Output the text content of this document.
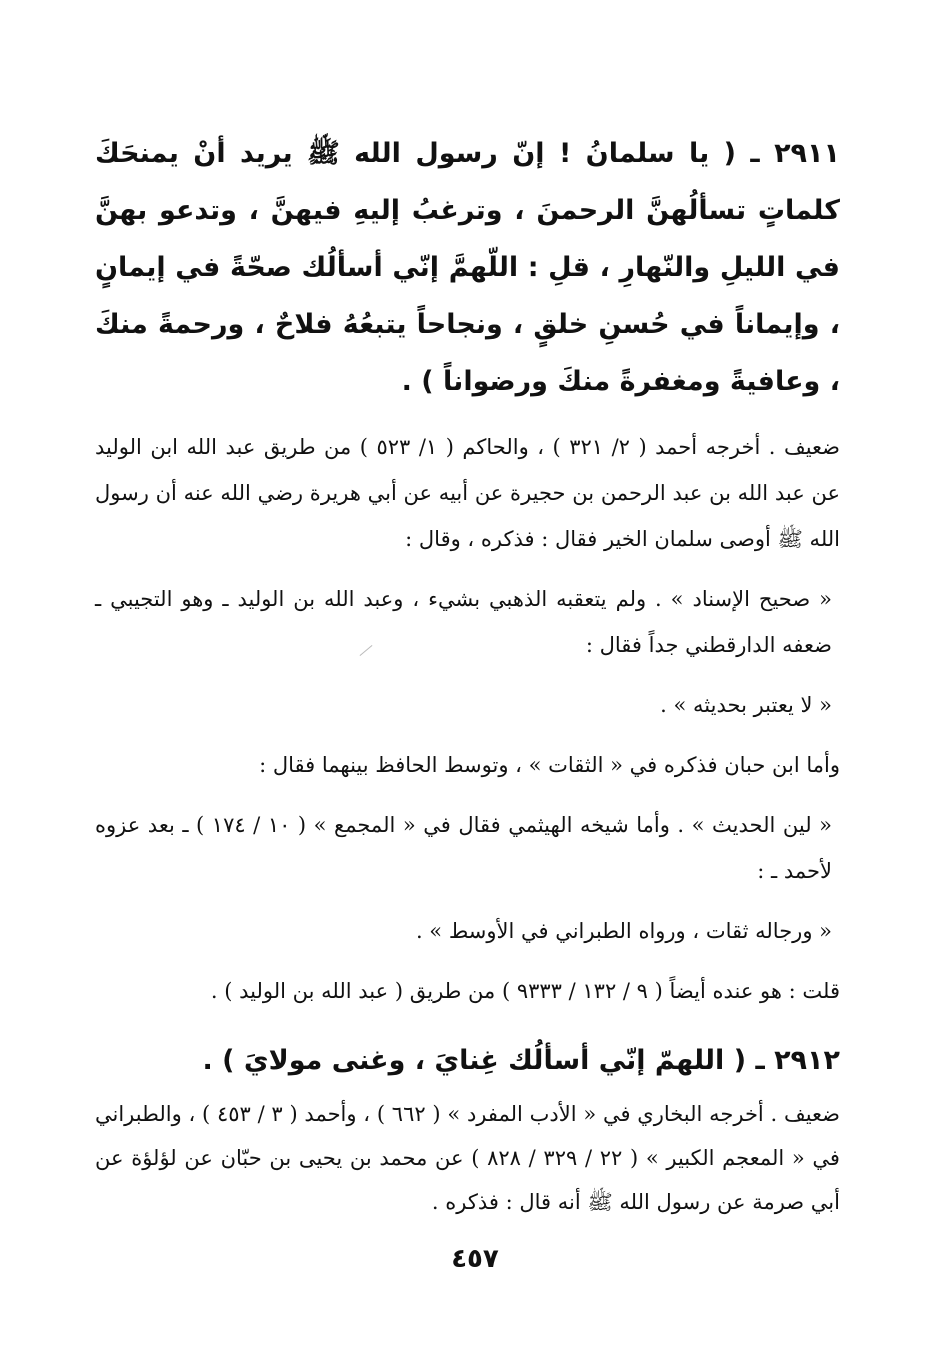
٢٩١١ ـ ( يا سلمانُ ! إنّ رسول الله ﷺ يريد أنْ يمنحَكَ كلماتٍ تسألُهنَّ الرحمنَ ، وترغبُ إليهِ فيهنَّ ، وتدعو بهنَّ في الليلِ والنّهارِ ، قلِ : اللّهمَّ إنّي أسألُك صحّةً في إيمانٍ ، وإيماناً في حُسنِ خلقٍ ، ونجاحاً يتبعُهُ فلاحٌ ، ورحمةً منكَ ، وعافيةً ومغفرةً منكَ ورضواناً ) .

ضعيف . أخرجه أحمد ( ٢/ ٣٢١ ) ، والحاكم ( ١/ ٥٢٣ ) من طريق عبد الله ابن الوليد عن عبد الله بن عبد الرحمن بن حجيرة عن أبيه عن أبي هريرة رضي الله عنه أن رسول الله ﷺ أوصى سلمان الخير فقال : فذكره ، وقال :

« صحيح الإسناد » . ولم يتعقبه الذهبي بشيء ، وعبد الله بن الوليد ـ وهو التجيبي ـ ضعفه الدارقطني جداً فقال :

« لا يعتبر بحديثه » .

وأما ابن حبان فذكره في « الثقات » ، وتوسط الحافظ بينهما فقال :

« لين الحديث » . وأما شيخه الهيثمي فقال في « المجمع » ( ١٠ / ١٧٤ ) ـ بعد عزوه لأحمد ـ :

« ورجاله ثقات ، ورواه الطبراني في الأوسط » .

قلت : هو عنده أيضاً ( ٩ / ١٣٢ / ٩٣٣٣ ) من طريق ( عبد الله بن الوليد ) .

٢٩١٢ ـ ( اللهمّ إنّي أسألُك غِنايَ ، وغنى مولايَ ) .

ضعيف . أخرجه البخاري في « الأدب المفرد » ( ٦٦٢ ) ، وأحمد ( ٣ / ٤٥٣ ) ، والطبراني في « المعجم الكبير » ( ٢٢ / ٣٢٩ / ٨٢٨ ) عن محمد بن يحيى بن حبّان عن لؤلؤة عن أبي صرمة عن رسول الله ﷺ أنه قال : فذكره .

٤٥٧
